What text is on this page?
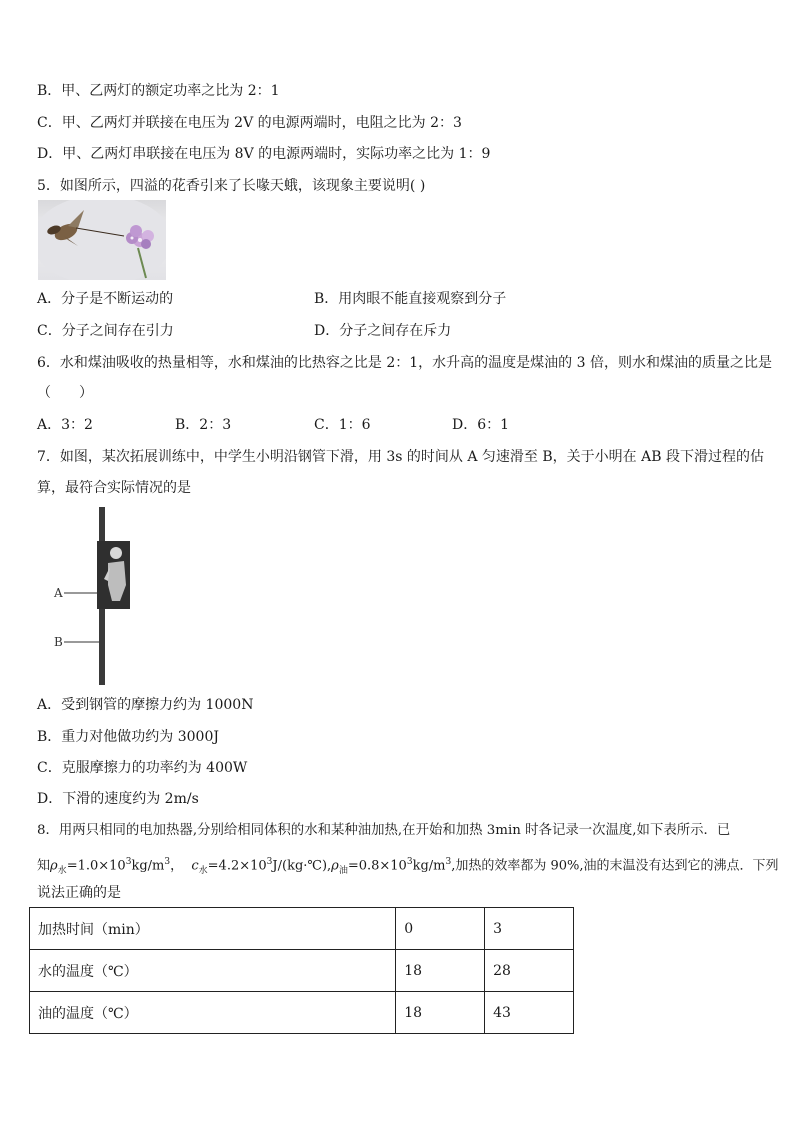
B．甲、乙两灯的额定功率之比为 2：1
C．甲、乙两灯并联接在电压为 2V 的电源两端时，电阻之比为 2：3
D．甲、乙两灯串联接在电压为 8V 的电源两端时，实际功率之比为 1：9
5．如图所示，四溢的花香引来了长喙天蛾，该现象主要说明( )
A．分子是不断运动的	B．用肉眼不能直接观察到分子
C．分子之间存在引力	D．分子之间存在斥力
6．水和煤油吸收的热量相等，水和煤油的比热容之比是 2：1，水升高的温度是煤油的 3 倍，则水和煤油的质量之比是
（　　）
A．3：2	B．2：3	C．1：6	D．6：1
7．如图，某次拓展训练中，中学生小明沿钢管下滑，用 3s 的时间从 A 匀速滑至 B，关于小明在 AB 段下滑过程的估
算，最符合实际情况的是
A
B
A．受到钢管的摩擦力约为 1000N
B．重力对他做功约为 3000J
C．克服摩擦力的功率约为 400W
D．下滑的速度约为 2m/s
8．用两只相同的电加热器,分别给相同体积的水和某种油加热,在开始和加热 3min 时各记录一次温度,如下表所示．已
知$\rho_水=1.0\times 10^3kg/m^3$， $c_水=4.2\times 10^3J/(kg\cdot℃),\rho_油=0.8\times 10^3kg/m^3$,加热的效率都为 90%,油的末温没有达到它的沸点．下列
说法正确的是
加热时间（min）	0	3
水的温度（℃）	18	28
油的温度（℃）	18	43
